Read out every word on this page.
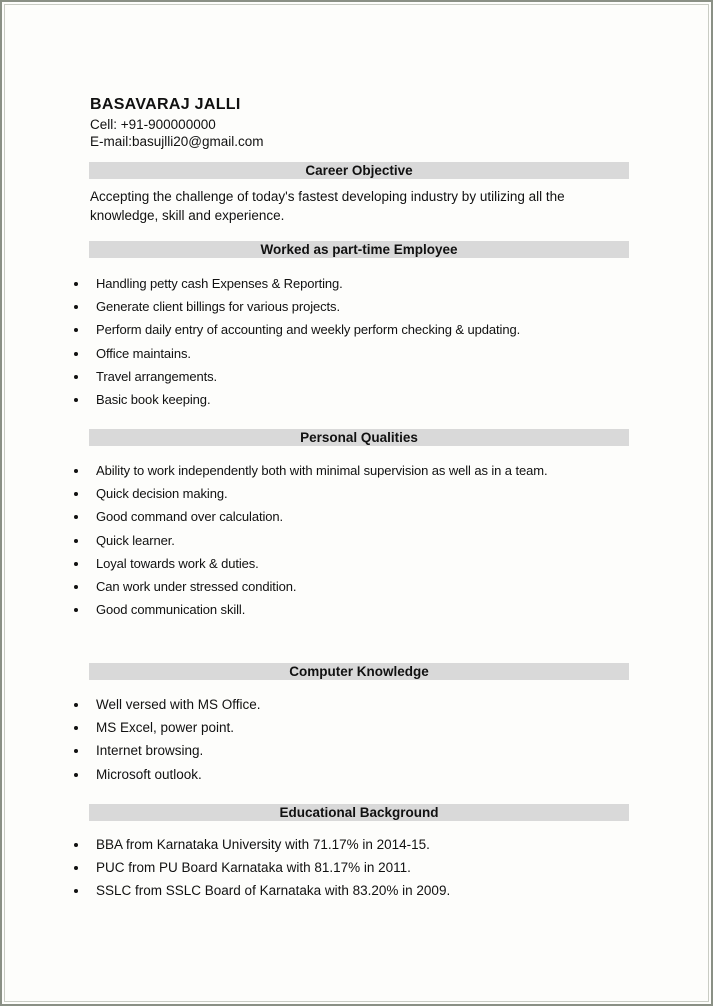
BASAVARAJ JALLI
Cell: +91-900000000
E-mail:basujlli20@gmail.com
Career Objective
Accepting the challenge of today's fastest developing industry by utilizing all the knowledge, skill and experience.
Worked as part-time Employee
Handling petty cash Expenses & Reporting.
Generate client billings for various projects.
Perform daily entry of accounting and weekly perform checking & updating.
Office maintains.
Travel arrangements.
Basic book keeping.
Personal Qualities
Ability to work independently both with minimal supervision as well as in a team.
Quick decision making.
Good command over calculation.
Quick learner.
Loyal towards work & duties.
Can work under stressed condition.
Good communication skill.
Computer Knowledge
Well versed with MS Office.
MS Excel, power point.
Internet browsing.
Microsoft outlook.
Educational Background
BBA from Karnataka University with 71.17% in 2014-15.
PUC from PU Board Karnataka with 81.17% in 2011.
SSLC from SSLC Board of Karnataka with 83.20% in 2009.
